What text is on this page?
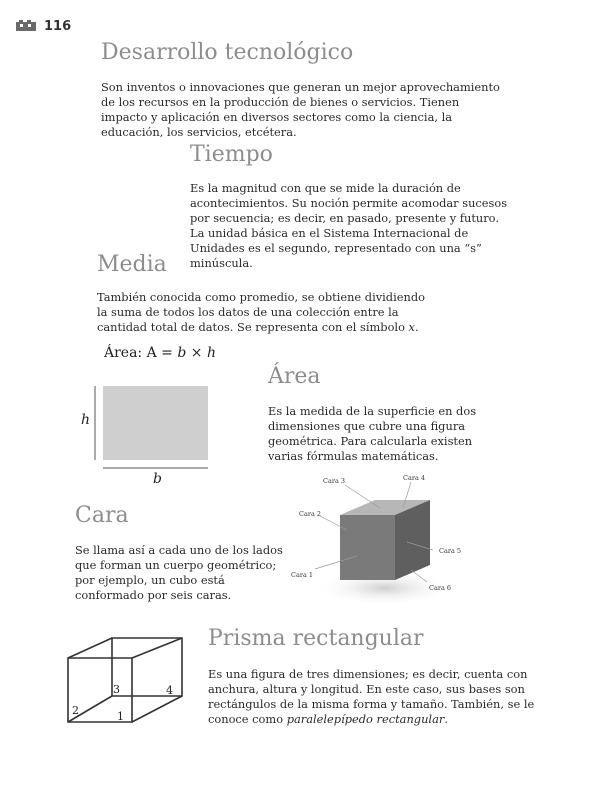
116
Desarrollo tecnológico

Son inventos o innovaciones que generan un mejor aprovechamiento de los recursos en la producción de bienes o servicios. Tienen impacto y aplicación en diversos sectores como la ciencia, la educación, los servicios, etcétera.

Tiempo

Es la magnitud con que se mide la duración de acontecimientos. Su noción permite acomodar sucesos por secuencia; es decir, en pasado, presente y futuro. La unidad básica en el Sistema Internacional de Unidades es el segundo, representado con una “s” minúscula.

Media

También conocida como promedio, se obtiene dividiendo la suma de todos los datos de una colección entre la cantidad total de datos. Se representa con el símbolo x.

Área: A = b × h
h
b
Área

Es la medida de la superficie en dos dimensiones que cubre una figura geométrica. Para calcularla existen varias fórmulas matemáticas.

Cara

Se llama así a cada uno de los lados que forman un cuerpo geométrico; por ejemplo, un cubo está conformado por seis caras.

Cara 1
Cara 2
Cara 3	Cara 4
Cara 5
Cara 6
1
2
3	4
Prisma rectangular

Es una figura de tres dimensiones; es decir, cuenta con anchura, altura y longitud. En este caso, sus bases son rectángulos de la misma forma y tamaño. También, se le conoce como paralelepípedo rectangular.
